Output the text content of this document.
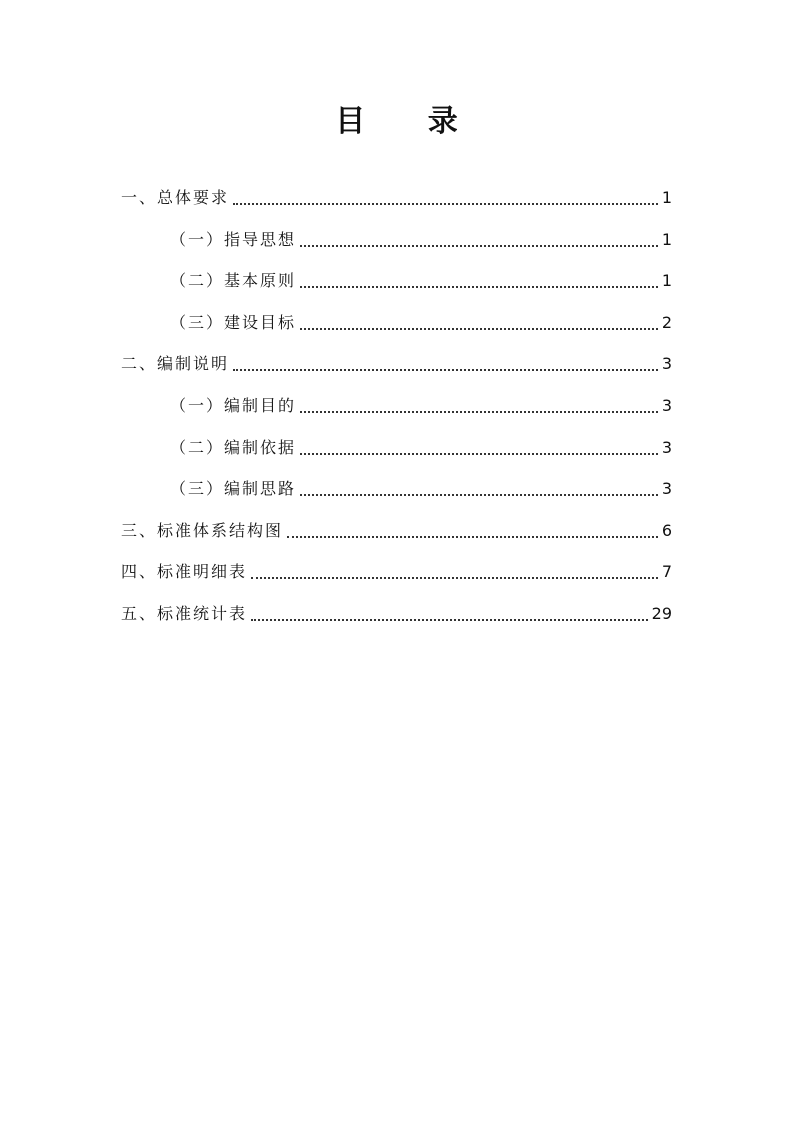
目 录
一、总体要求	1
（一）指导思想	1
（二）基本原则	1
（三）建设目标	2
二、编制说明	3
（一）编制目的	3
（二）编制依据	3
（三）编制思路	3
三、标准体系结构图	6
四、标准明细表	7
五、标准统计表	29
